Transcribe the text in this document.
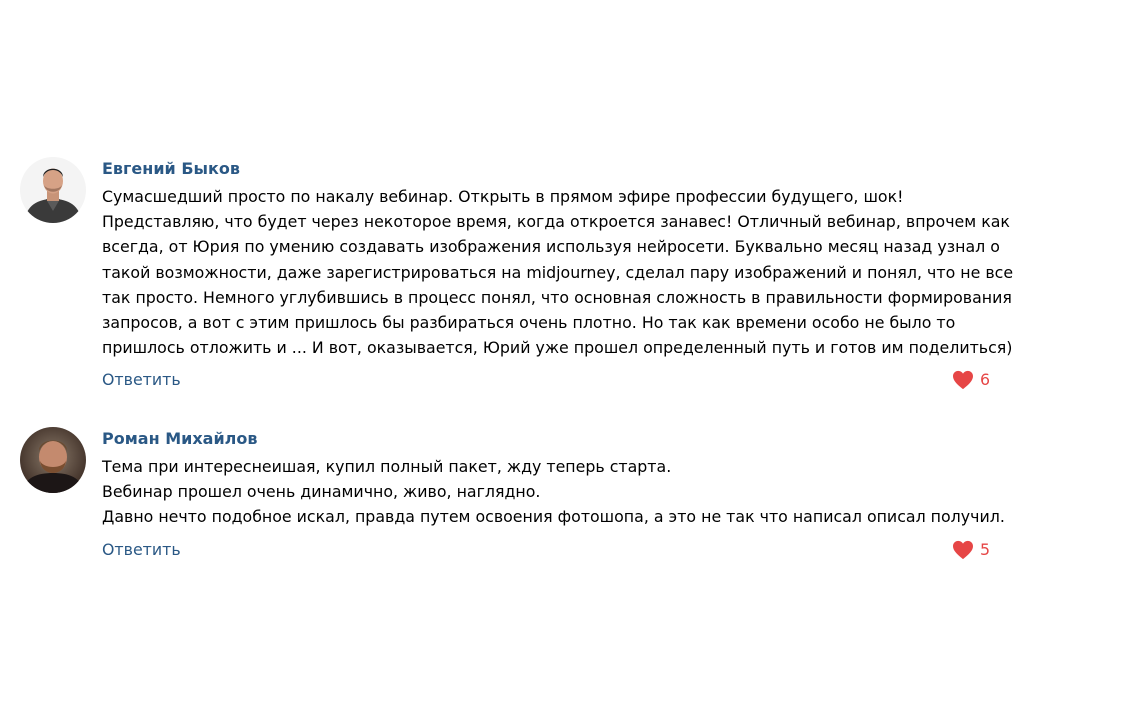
Евгений Быков
Сумасшедший просто по накалу вебинар. Открыть в прямом эфире профессии будущего, шок!
Представляю, что будет через некоторое время, когда откроется занавес! Отличный вебинар, впрочем как
всегда, от Юрия по умению создавать изображения используя нейросети. Буквально месяц назад узнал о
такой возможности, даже зарегистрироваться на midjourney, сделал пару изображений и понял, что не все
так просто. Немного углубившись в процесс понял, что основная сложность в правильности формирования
запросов, а вот с этим пришлось бы разбираться очень плотно. Но так как времени особо не было то
пришлось отложить и ... И вот, оказывается, Юрий уже прошел определенный путь и готов им поделиться)
Ответить	6
Роман Михайлов
Тема при интереснеишая, купил полный пакет, жду теперь старта.
Вебинар прошел очень динамично, живо, наглядно.
Давно нечто подобное искал, правда путем освоения фотошопа, а это не так что написал описал получил.
Ответить	5
